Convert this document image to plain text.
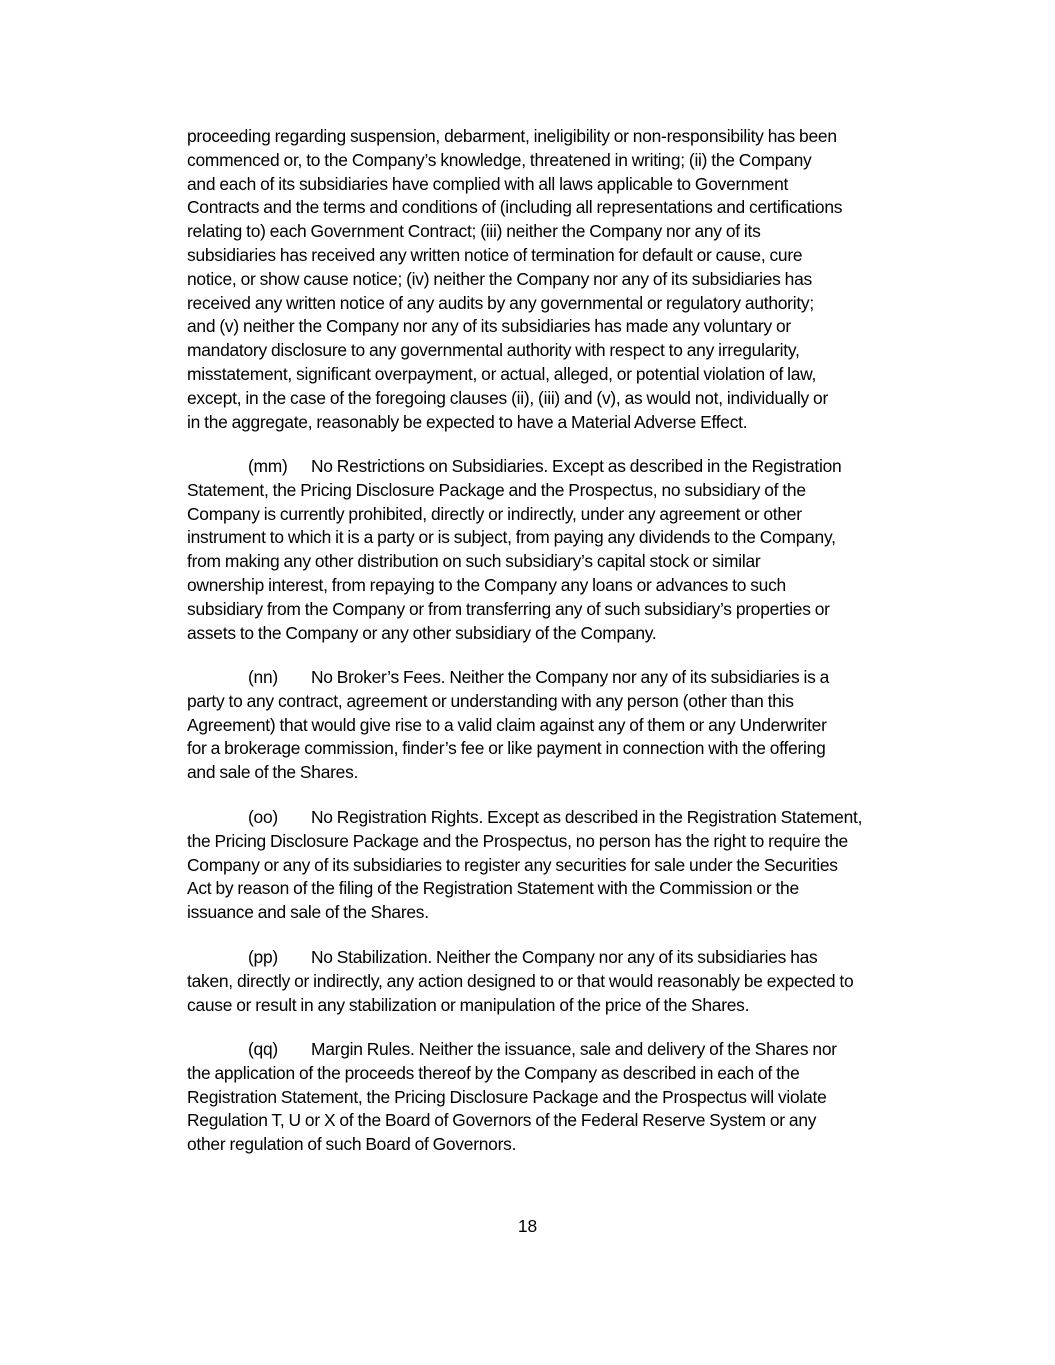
proceeding regarding suspension, debarment, ineligibility or non-responsibility has been
commenced or, to the Company’s knowledge, threatened in writing; (ii) the Company
and each of its subsidiaries have complied with all laws applicable to Government
Contracts and the terms and conditions of (including all representations and certifications
relating to) each Government Contract; (iii) neither the Company nor any of its
subsidiaries has received any written notice of termination for default or cause, cure
notice, or show cause notice; (iv) neither the Company nor any of its subsidiaries has
received any written notice of any audits by any governmental or regulatory authority;
and (v) neither the Company nor any of its subsidiaries has made any voluntary or
mandatory disclosure to any governmental authority with respect to any irregularity,
misstatement, significant overpayment, or actual, alleged, or potential violation of law,
except, in the case of the foregoing clauses (ii), (iii) and (v), as would not, individually or
in the aggregate, reasonably be expected to have a Material Adverse Effect.
(mm) No Restrictions on Subsidiaries. Except as described in the Registration
Statement, the Pricing Disclosure Package and the Prospectus, no subsidiary of the
Company is currently prohibited, directly or indirectly, under any agreement or other
instrument to which it is a party or is subject, from paying any dividends to the Company,
from making any other distribution on such subsidiary’s capital stock or similar
ownership interest, from repaying to the Company any loans or advances to such
subsidiary from the Company or from transferring any of such subsidiary’s properties or
assets to the Company or any other subsidiary of the Company.
(nn) No Broker’s Fees. Neither the Company nor any of its subsidiaries is a
party to any contract, agreement or understanding with any person (other than this
Agreement) that would give rise to a valid claim against any of them or any Underwriter
for a brokerage commission, finder’s fee or like payment in connection with the offering
and sale of the Shares.
(oo) No Registration Rights. Except as described in the Registration Statement,
the Pricing Disclosure Package and the Prospectus, no person has the right to require the
Company or any of its subsidiaries to register any securities for sale under the Securities
Act by reason of the filing of the Registration Statement with the Commission or the
issuance and sale of the Shares.
(pp) No Stabilization. Neither the Company nor any of its subsidiaries has
taken, directly or indirectly, any action designed to or that would reasonably be expected to
cause or result in any stabilization or manipulation of the price of the Shares.
(qq) Margin Rules. Neither the issuance, sale and delivery of the Shares nor
the application of the proceeds thereof by the Company as described in each of the
Registration Statement, the Pricing Disclosure Package and the Prospectus will violate
Regulation T, U or X of the Board of Governors of the Federal Reserve System or any
other regulation of such Board of Governors.
18
